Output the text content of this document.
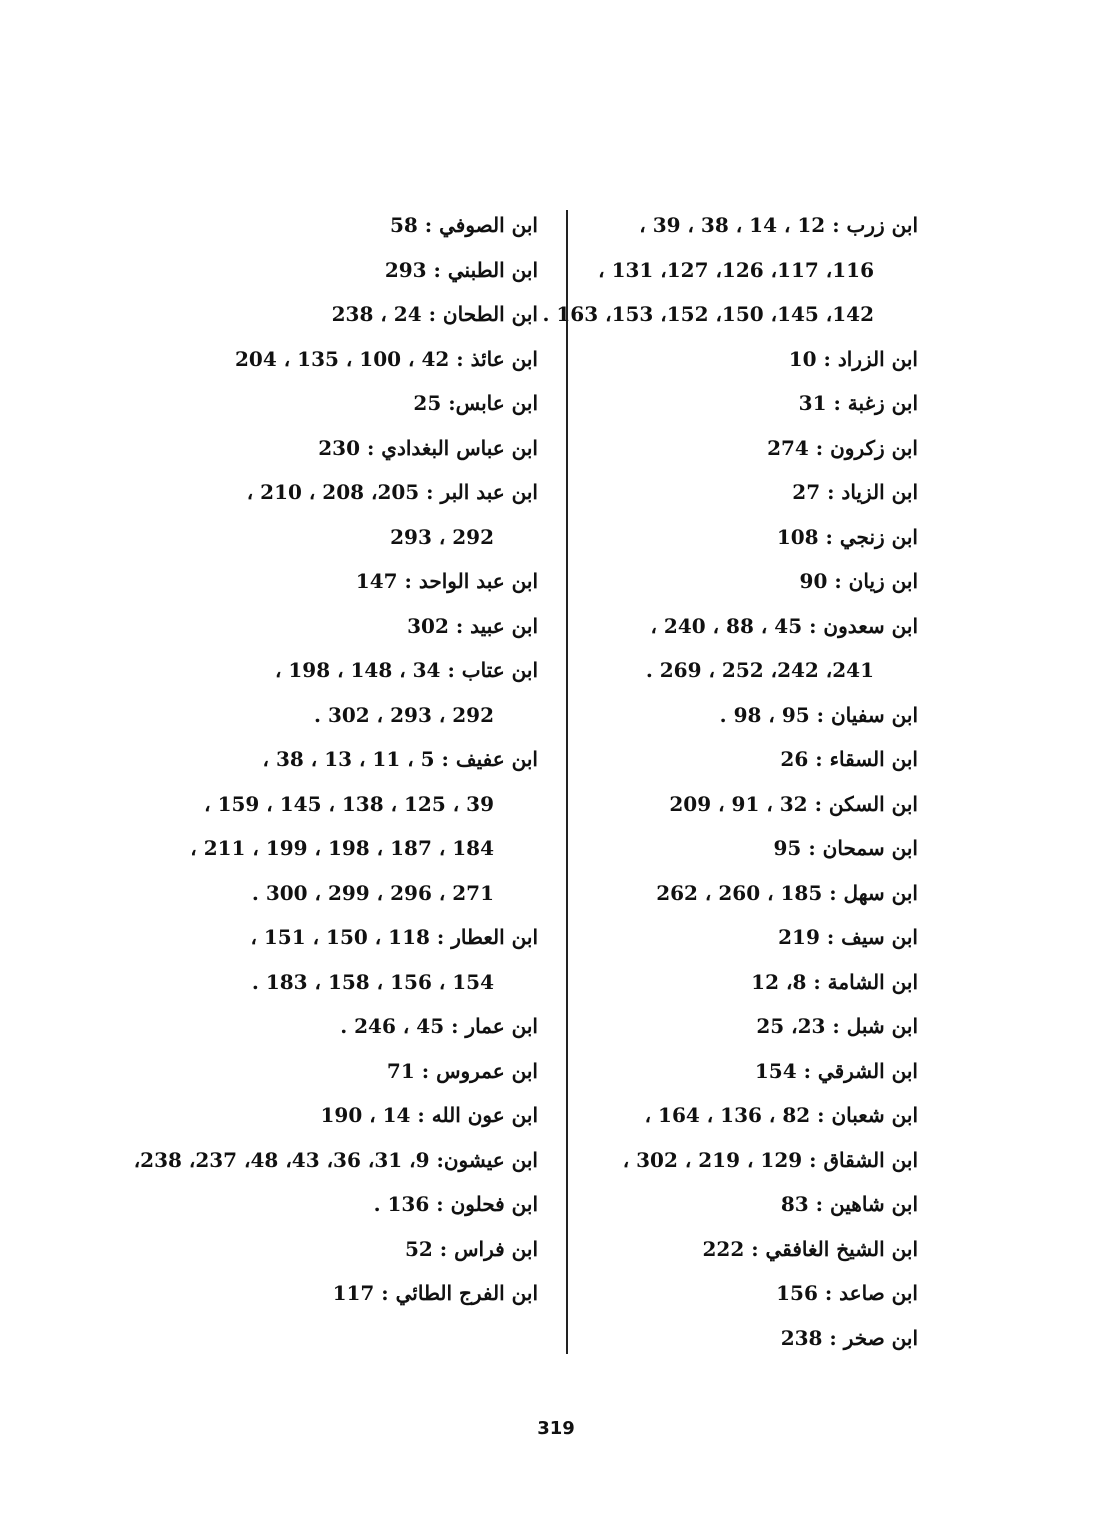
ابن زرب : 12 ، 14 ، 38 ، 39 ،
116، 117، 126، 127، 131 ،
142، 145، 150، 152، 153، 163 .
ابن الزراد : 10
ابن زغبة : 31
ابن زكرون : 274
ابن الزياد : 27
ابن زنجي : 108
ابن زيان : 90
ابن سعدون : 45 ، 88 ، 240 ،
241، 242، 252 ، 269 .
ابن سفيان : 95 ، 98 .
ابن السقاء : 26
ابن السكن : 32 ، 91 ، 209
ابن سمحان : 95
ابن سهل : 185 ، 260 ، 262
ابن سيف : 219
ابن الشامة : 8، 12
ابن شبل : 23، 25
ابن الشرقي : 154
ابن شعبان : 82 ، 136 ، 164 ،
ابن الشقاق : 129 ، 219 ، 302 ،
ابن شاهين : 83
ابن الشيخ الغافقي : 222
ابن صاعد : 156
ابن صخر : 238
ابن الصوفي : 58
ابن الطبني : 293
ابن الطحان : 24 ، 238
ابن عائذ : 42 ، 100 ، 135 ، 204
ابن عابس: 25
ابن عباس البغدادي : 230
ابن عبد البر : 205، 208 ، 210 ،
292 ، 293
ابن عبد الواحد : 147
ابن عبيد : 302
ابن عتاب : 34 ، 148 ، 198 ،
292 ، 293 ، 302 .
ابن عفيف : 5 ، 11 ، 13 ، 38 ،
39 ، 125 ، 138 ، 145 ، 159 ،
184 ، 187 ، 198 ، 199 ، 211 ،
271 ، 296 ، 299 ، 300 .
ابن العطار : 118 ، 150 ، 151 ،
154 ، 156 ، 158 ، 183 .
ابن عمار : 45 ، 246 .
ابن عمروس : 71
ابن عون الله : 14 ، 190
ابن عيشون: 9، 31، 36، 43، 48، 237، 238،
ابن فحلون : 136 .
ابن فراس : 52
ابن الفرج الطائي : 117
319
